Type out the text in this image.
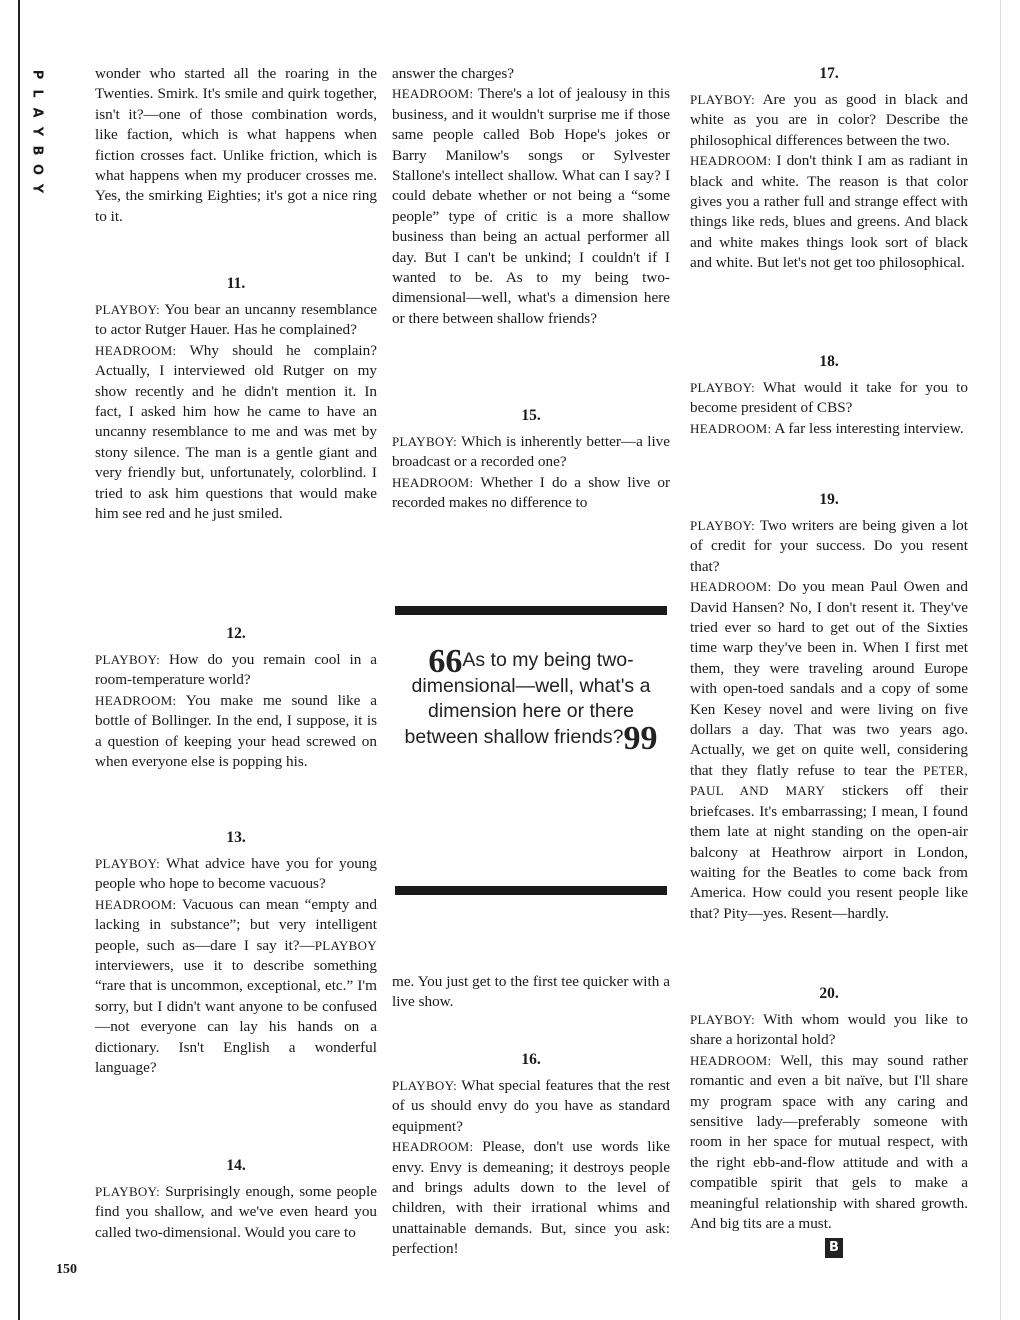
P
L
A
Y
B
O
Y
150

wonder who started all the roaring in the Twenties. Smirk. It's smile and quirk together, isn't it?—one of those combination words, like faction, which is what happens when fiction crosses fact. Unlike friction, which is what happens when my producer crosses me. Yes, the smirking Eighties; it's got a nice ring to it.

11.

PLAYBOY: You bear an uncanny resemblance to actor Rutger Hauer. Has he complained?

HEADROOM: Why should he complain? Actually, I interviewed old Rutger on my show recently and he didn't mention it. In fact, I asked him how he came to have an uncanny resemblance to me and was met by stony silence. The man is a gentle giant and very friendly but, unfortunately, colorblind. I tried to ask him questions that would make him see red and he just smiled.

12.

PLAYBOY: How do you remain cool in a room-temperature world?

HEADROOM: You make me sound like a bottle of Bollinger. In the end, I suppose, it is a question of keeping your head screwed on when everyone else is popping his.

13.

PLAYBOY: What advice have you for young people who hope to become vacuous?

HEADROOM: Vacuous can mean “empty and lacking in substance”; but very intelligent people, such as—dare I say it?—PLAYBOY interviewers, use it to describe something “rare that is uncommon, exceptional, etc.” I'm sorry, but I didn't want anyone to be confused—not everyone can lay his hands on a dictionary. Isn't English a wonderful language?

14.

PLAYBOY: Surprisingly enough, some people find you shallow, and we've even heard you called two-dimensional. Would you care to

answer the charges?

HEADROOM: There's a lot of jealousy in this business, and it wouldn't surprise me if those same people called Bob Hope's jokes or Barry Manilow's songs or Sylvester Stallone's intellect shallow. What can I say? I could debate whether or not being a “some people” type of critic is a more shallow business than being an actual performer all day. But I can't be unkind; I couldn't if I wanted to be. As to my being two-dimensional—well, what's a dimension here or there between shallow friends?

15.

PLAYBOY: Which is inherently better—a live broadcast or a recorded one?

HEADROOM: Whether I do a show live or recorded makes no difference to

me. You just get to the first tee quicker with a live show.

16.

PLAYBOY: What special features that the rest of us should envy do you have as standard equipment?

HEADROOM: Please, don't use words like envy. Envy is demeaning; it destroys people and brings adults down to the level of children, with their irrational whims and unattainable demands. But, since you ask: perfection!

66As to my being two-dimensional—well, what's a dimension here or there between shallow friends?99

17.

PLAYBOY: Are you as good in black and white as you are in color? Describe the philosophical differences between the two.

HEADROOM: I don't think I am as radiant in black and white. The reason is that color gives you a rather full and strange effect with things like reds, blues and greens. And black and white makes things look sort of black and white. But let's not get too philosophical.

18.

PLAYBOY: What would it take for you to become president of CBS?

HEADROOM: A far less interesting interview.

19.

PLAYBOY: Two writers are being given a lot of credit for your success. Do you resent that?

HEADROOM: Do you mean Paul Owen and David Hansen? No, I don't resent it. They've tried ever so hard to get out of the Sixties time warp they've been in. When I first met them, they were traveling around Europe with open-toed sandals and a copy of some Ken Kesey novel and were living on five dollars a day. That was two years ago. Actually, we get on quite well, considering that they flatly refuse to tear the PETER, PAUL AND MARY stickers off their briefcases. It's embarrassing; I mean, I found them late at night standing on the open-air balcony at Heathrow airport in London, waiting for the Beatles to come back from America. How could you resent people like that? Pity—yes. Resent—hardly.

20.

PLAYBOY: With whom would you like to share a horizontal hold?

HEADROOM: Well, this may sound rather romantic and even a bit naïve, but I'll share my program space with any caring and sensitive lady—preferably someone with room in her space for mutual respect, with the right ebb-and-flow attitude and with a compatible spirit that gels to make a meaningful relationship with shared growth. And big tits are a must.

B
